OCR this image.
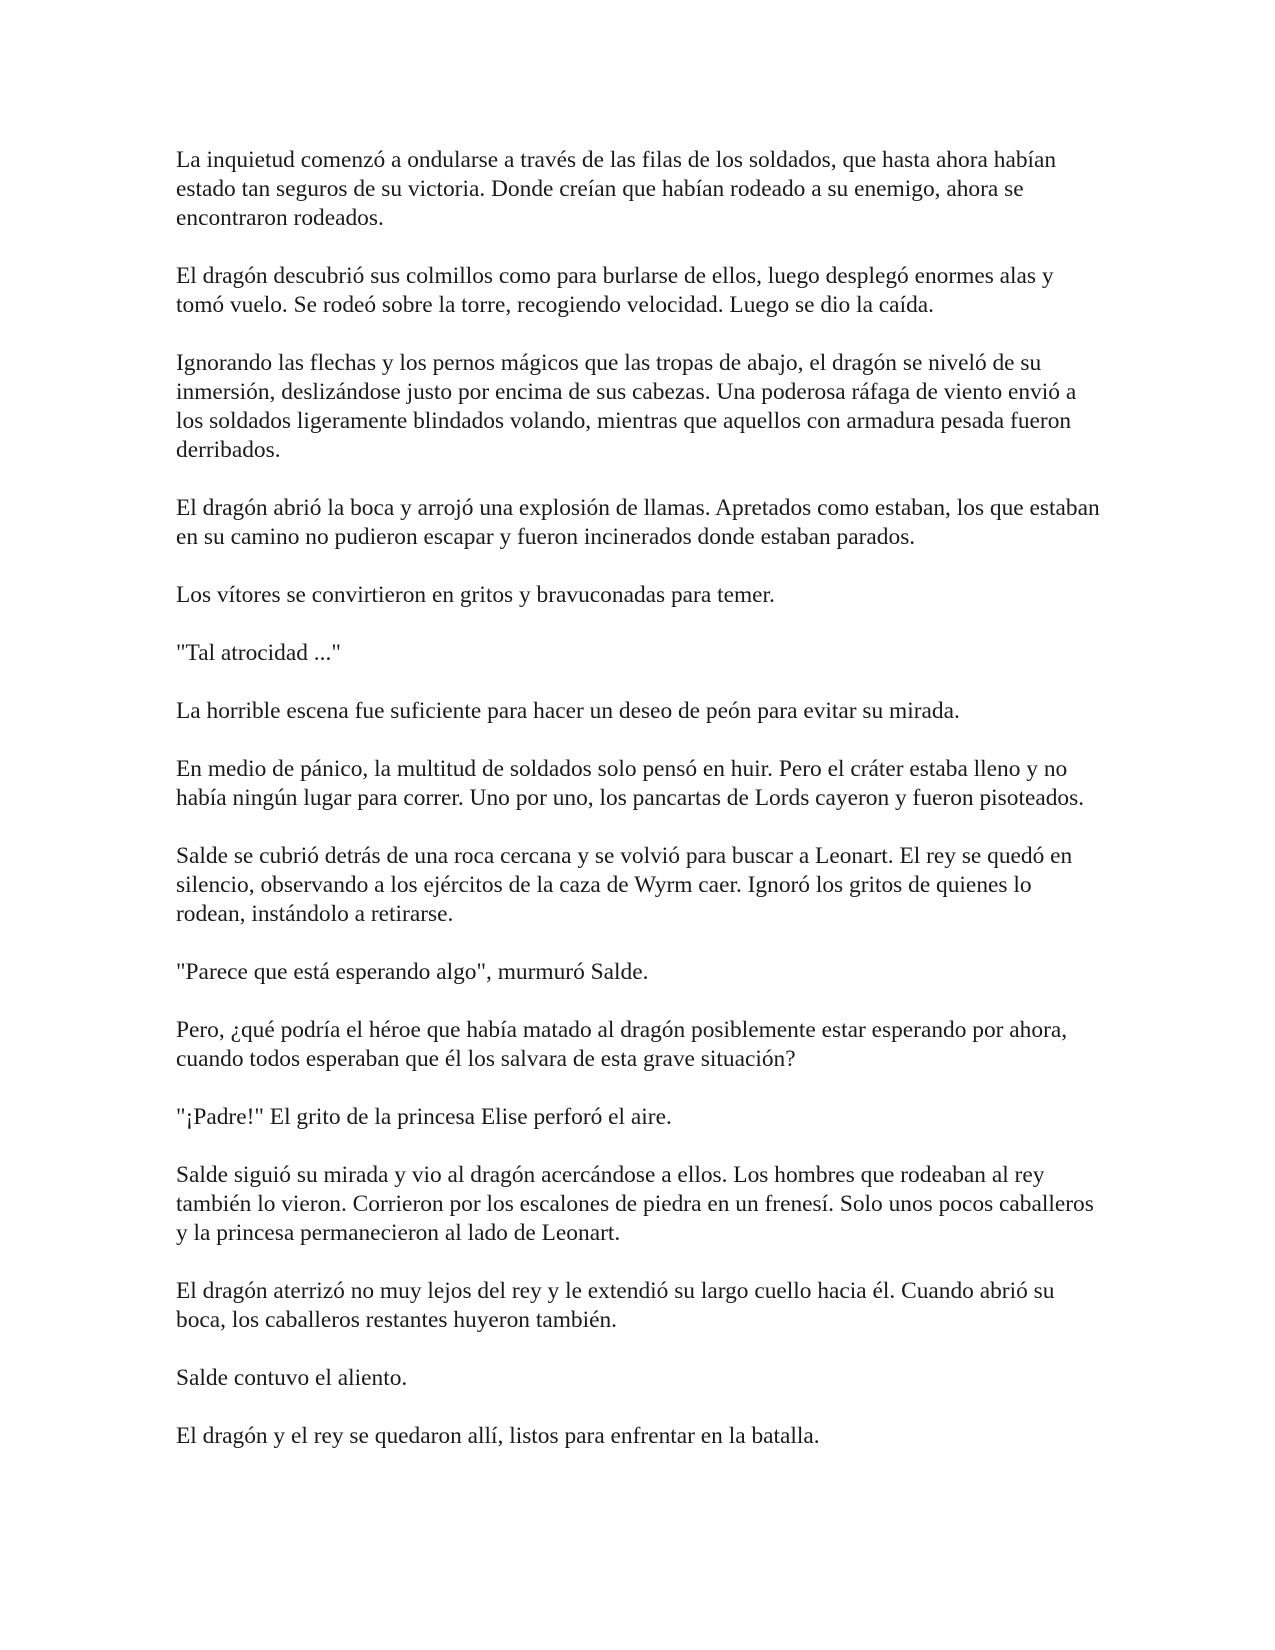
La inquietud comenzó a ondularse a través de las filas de los soldados, que hasta ahora habían estado tan seguros de su victoria. Donde creían que habían rodeado a su enemigo, ahora se encontraron rodeados.

El dragón descubrió sus colmillos como para burlarse de ellos, luego desplegó enormes alas y tomó vuelo. Se rodeó sobre la torre, recogiendo velocidad. Luego se dio la caída.

Ignorando las flechas y los pernos mágicos que las tropas de abajo, el dragón se niveló de su inmersión, deslizándose justo por encima de sus cabezas. Una poderosa ráfaga de viento envió a los soldados ligeramente blindados volando, mientras que aquellos con armadura pesada fueron derribados.

El dragón abrió la boca y arrojó una explosión de llamas. Apretados como estaban, los que estaban en su camino no pudieron escapar y fueron incinerados donde estaban parados.

Los vítores se convirtieron en gritos y bravuconadas para temer.

"Tal atrocidad ..."

La horrible escena fue suficiente para hacer un deseo de peón para evitar su mirada.

En medio de pánico, la multitud de soldados solo pensó en huir. Pero el cráter estaba lleno y no había ningún lugar para correr. Uno por uno, los pancartas de Lords cayeron y fueron pisoteados.

Salde se cubrió detrás de una roca cercana y se volvió para buscar a Leonart. El rey se quedó en silencio, observando a los ejércitos de la caza de Wyrm caer. Ignoró los gritos de quienes lo rodean, instándolo a retirarse.

"Parece que está esperando algo", murmuró Salde.

Pero, ¿qué podría el héroe que había matado al dragón posiblemente estar esperando por ahora, cuando todos esperaban que él los salvara de esta grave situación?

"¡Padre!" El grito de la princesa Elise perforó el aire.

Salde siguió su mirada y vio al dragón acercándose a ellos. Los hombres que rodeaban al rey también lo vieron. Corrieron por los escalones de piedra en un frenesí. Solo unos pocos caballeros y la princesa permanecieron al lado de Leonart.

El dragón aterrizó no muy lejos del rey y le extendió su largo cuello hacia él. Cuando abrió su boca, los caballeros restantes huyeron también.

Salde contuvo el aliento.

El dragón y el rey se quedaron allí, listos para enfrentar en la batalla.
